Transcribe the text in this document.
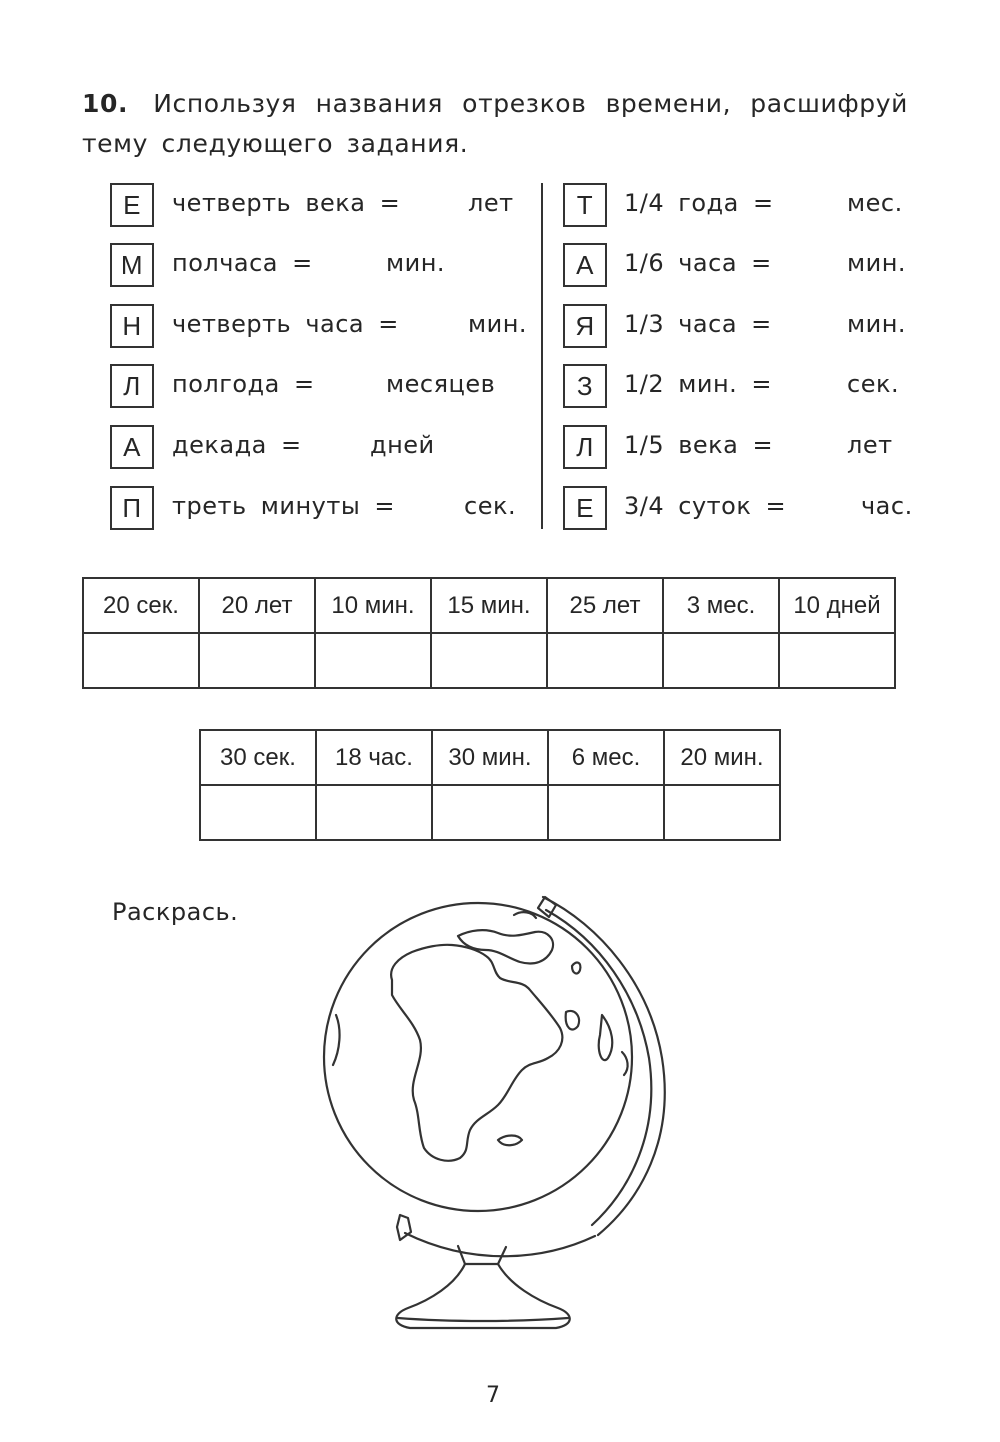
10. Используя названия отрезков времени, расшифруй тему следующего задания.
Е	четверть века =	лет
М	полчаса =	мин.
Н	четверть часа =	мин.
Л	полгода =	месяцев
А	декада =	дней
П	треть минуты =	сек.
Т	1/4 года =	мес.
А	1/6 часа =	мин.
Я	1/3 часа =	мин.
З	1/2 мин. =	сек.
Л	1/5 века =	лет
Е	3/4 суток =	час.
20 сек.	20 лет	10 мин.	15 мин.	25 лет	3 мес.	10 дней

30 сек.	18 час.	30 мин.	6 мес.	20 мин.

Раскрась.
7
